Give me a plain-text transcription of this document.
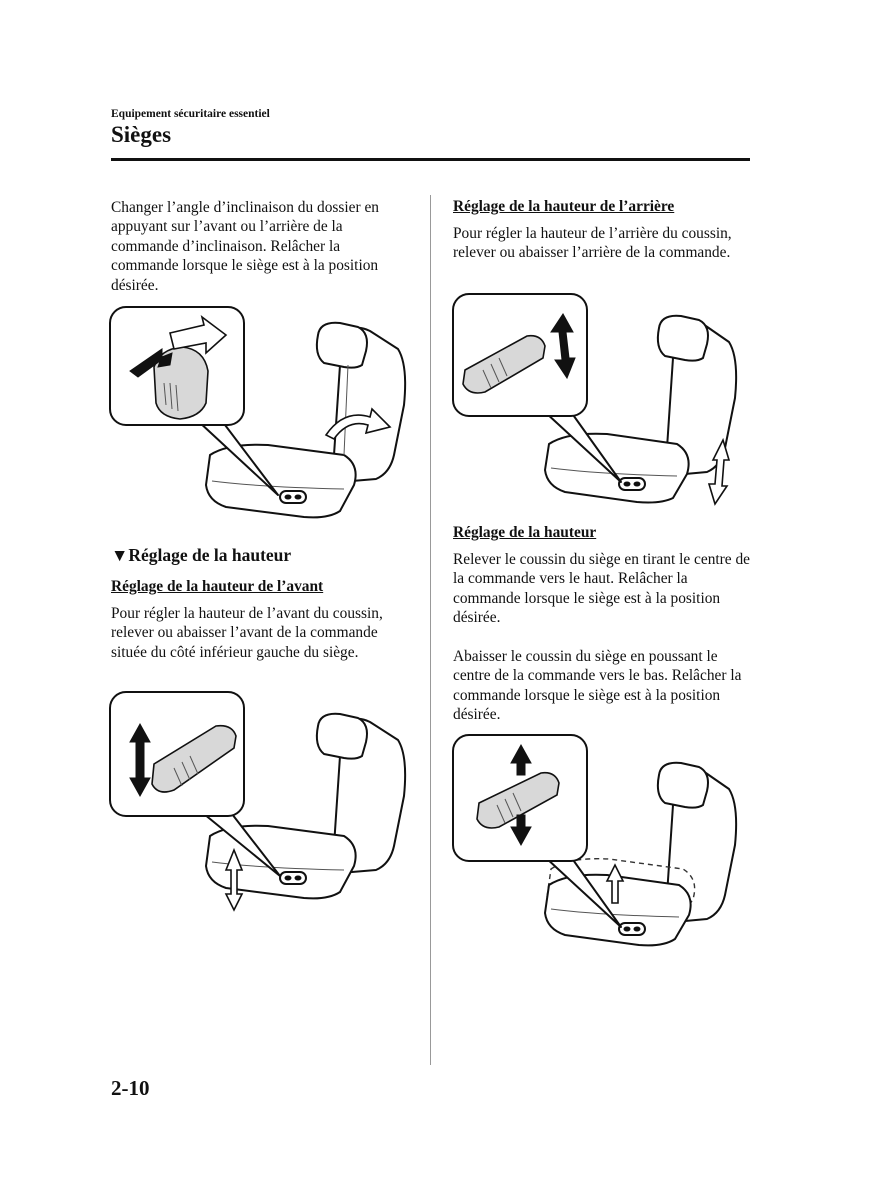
Equipement sécuritaire essentiel
Sièges

Changer l’angle d’inclinaison du dossier en appuyant sur l’avant ou l’arrière de la commande d’inclinaison. Relâcher la commande lorsque le siège est à la position désirée.

▼Réglage de la hauteur
Réglage de la hauteur de l’avant

Pour régler la hauteur de l’avant du coussin, relever ou abaisser l’avant de la commande située du côté inférieur gauche du siège.

Réglage de la hauteur de l’arrière

Pour régler la hauteur de l’arrière du coussin, relever ou abaisser l’arrière de la commande.

Réglage de la hauteur

Relever le coussin du siège en tirant le centre de la commande vers le haut. Relâcher la commande lorsque le siège est à la position désirée.

Abaisser le coussin du siège en poussant le centre de la commande vers le bas. Relâcher la commande lorsque le siège est à la position désirée.

2-10
